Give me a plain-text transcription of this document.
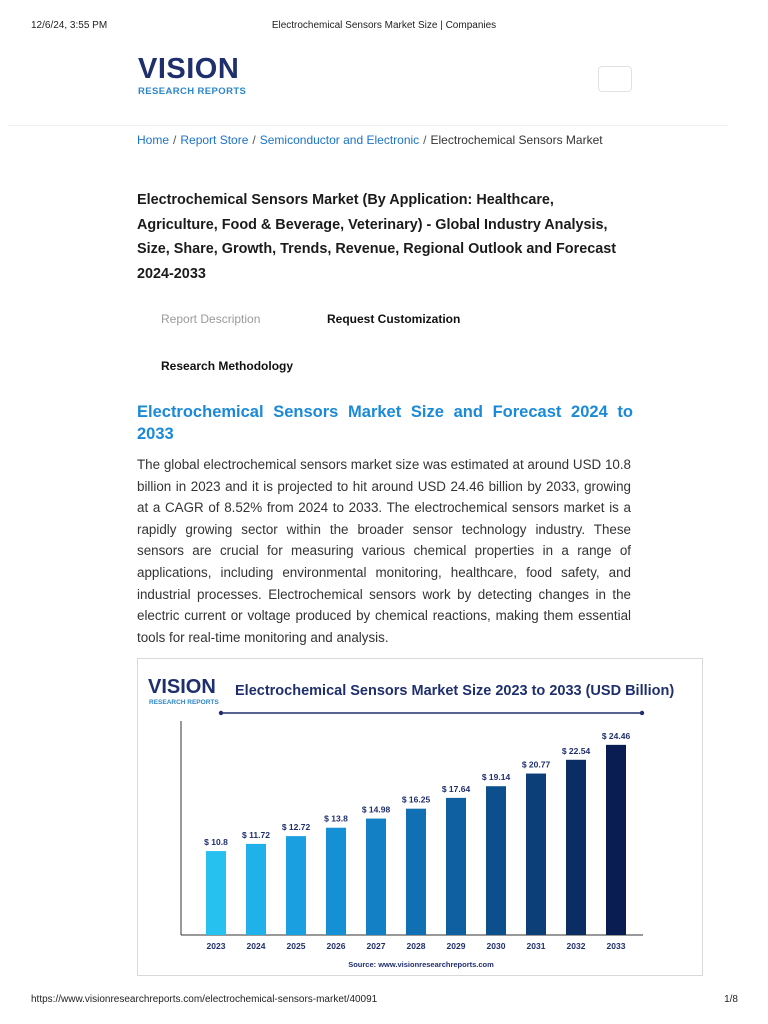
12/6/24, 3:55 PM	Electrochemical Sensors Market Size | Companies
VISION
RESEARCH REPORTS
Home / Report Store / Semiconductor and Electronic / Electrochemical Sensors Market
Electrochemical Sensors Market (By Application: Healthcare, Agriculture, Food & Beverage, Veterinary) - Global Industry Analysis, Size, Share, Growth, Trends, Revenue, Regional Outlook and Forecast 2024-2033
Report Description	Request Customization
Research Methodology
Electrochemical Sensors Market Size and Forecast 2024 to 2033

The global electrochemical sensors market size was estimated at around USD 10.8 billion in 2023 and it is projected to hit around USD 24.46 billion by 2033, growing at a CAGR of 8.52% from 2024 to 2033. The electrochemical sensors market is a rapidly growing sector within the broader sensor technology industry. These sensors are crucial for measuring various chemical properties in a range of applications, including environmental monitoring, healthcare, food safety, and industrial processes. Electrochemical sensors work by detecting changes in the electric current or voltage produced by chemical reactions, making them essential tools for real-time monitoring and analysis.

VISION
RESEARCH REPORTS
Electrochemical Sensors Market Size 2023 to 2033 (USD Billion)
$ 10.8
2023
$ 11.72
2024
$ 12.72
2025
$ 13.8
2026
$ 14.98
2027
$ 16.25
2028
$ 17.64
2029
$ 19.14
2030
$ 20.77
2031
$ 22.54
2032
$ 24.46
2033
Source: www.visionresearchreports.com
https://www.visionresearchreports.com/electrochemical-sensors-market/40091	1/8
